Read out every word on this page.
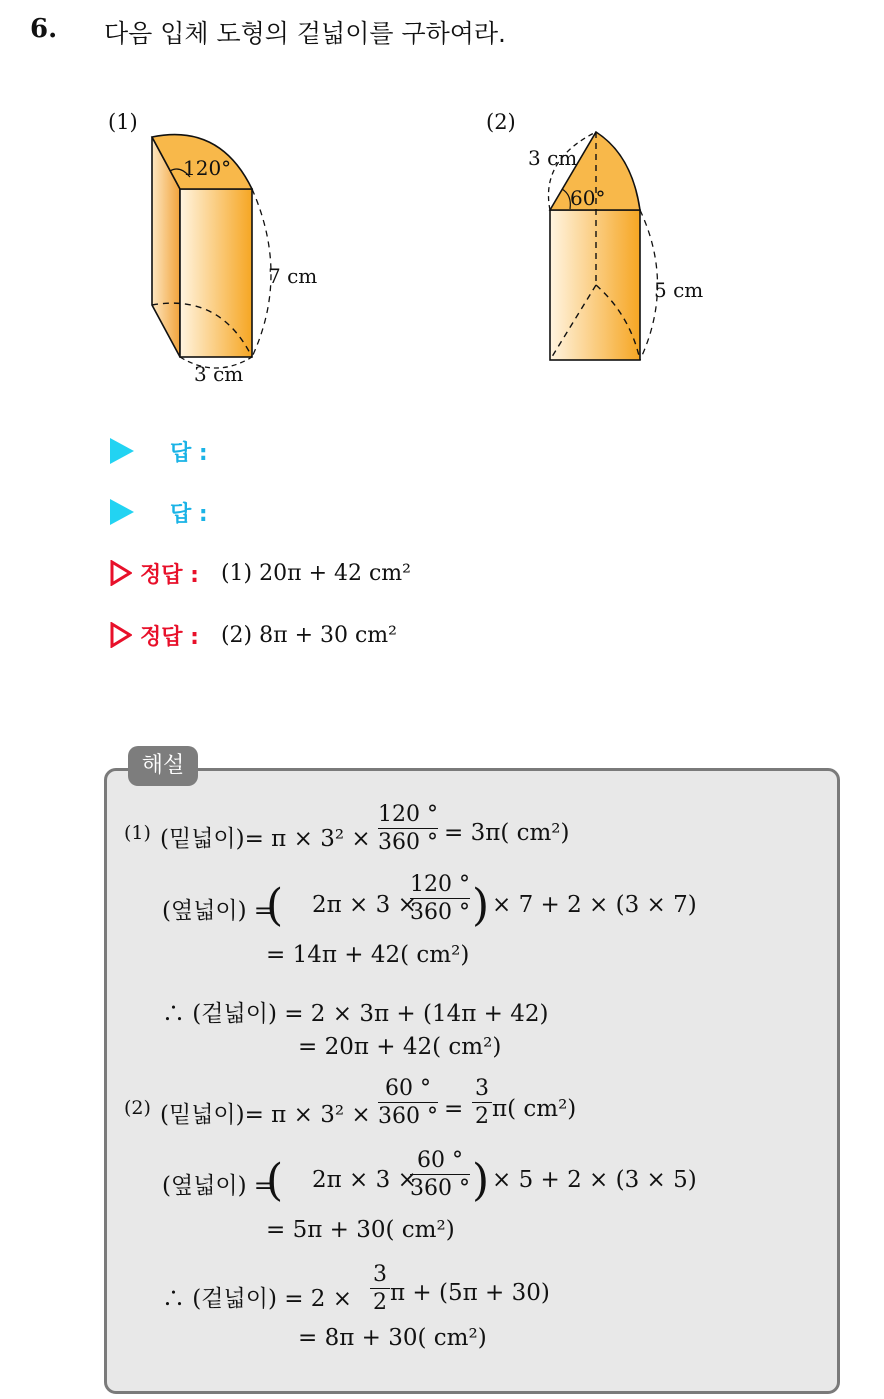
6. 다음 입체 도형의 겉넓이를 구하여라.
(1)
120°
7 cm
3 cm
(2)
3 cm
60°
5 cm
답 :
답 :
정답 : (1) 20π + 42 cm²
정답 : (2) 8π + 30 cm²
해설
(1) (밑넓이)= π × 3² ×
120 °
360 ° = 3π( cm²)
(옆넓이) =
( 2π × 3 ×
120 °
360 ° ) × 7 + 2 × (3 × 7)
= 14π + 42( cm²)
∴ (겉넓이) = 2 × 3π + (14π + 42)
= 20π + 42( cm²)
(2) (밑넓이)= π × 3² ×
60 °
360 ° =
3
2 π( cm²)
(옆넓이) =
( 2π × 3 ×
60 °
360 ° ) × 5 + 2 × (3 × 5)
= 5π + 30( cm²)
∴ (겉넓이) = 2 ×
3
2 π + (5π + 30)
= 8π + 30( cm²)
